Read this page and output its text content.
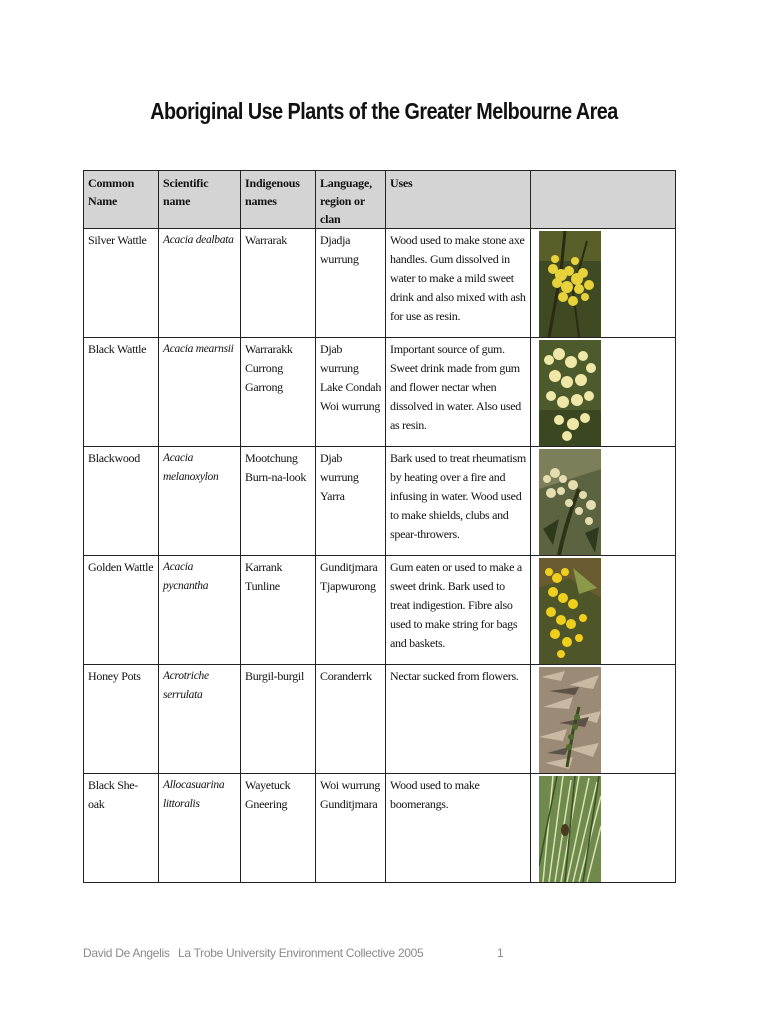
Aboriginal Use Plants of the Greater Melbourne Area
Common Name	Scientific name	Indigenous names	Language, region or clan	Uses	

Silver Wattle	Acacia dealbata	Warrarak	Djadja wurrung	Wood used to make stone axe handles. Gum dissolved in water to make a mild sweet drink and also mixed with ash for use as resin.

Black Wattle	Acacia mearnsii	Warrarakk
Currong
Garrong	Djab wurrung
Lake Condah
Woi wurrung	Important source of gum. Sweet drink made from gum and flower nectar when dissolved in water. Also used as resin.

Blackwood	Acacia melanoxylon	Mootchung
Burn-na-look	Djab wurrung
Yarra	Bark used to treat rheumatism by heating over a fire and infusing in water. Wood used to make shields, clubs and spear-throwers.

Golden Wattle	Acacia pycnantha	Karrank
Tunline	Gunditjmara
Tjapwurong	Gum eaten or used to make a sweet drink. Bark used to treat indigestion. Fibre also used to make string for bags and baskets.

Honey Pots	Acrotriche serrulata	Burgil-burgil	Coranderrk	Nectar sucked from flowers.

Black She-oak	Allocasuarina littoralis	Wayetuck
Gneering	Woi wurrung
Gunditjmara	Wood used to make boomerangs.

David De Angelis La Trobe University Environment Collective 2005	1
